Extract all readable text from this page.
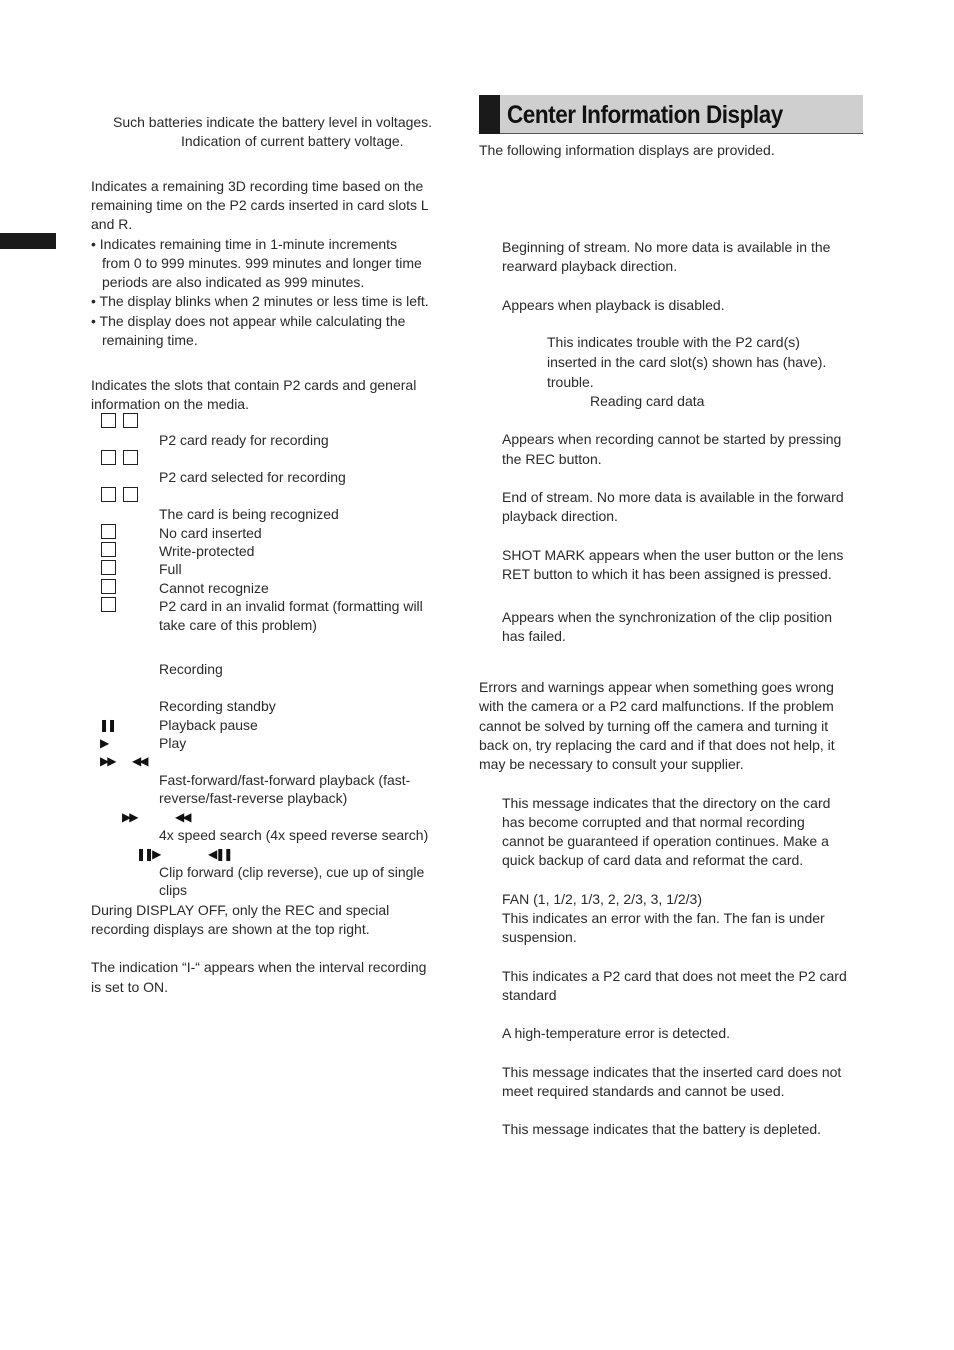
Such batteries indicate the battery level in voltages.
Indication of current battery voltage.
Indicates a remaining 3D recording time based on the
remaining time on the P2 cards inserted in card slots L
and R.
• Indicates remaining time in 1-minute increments
from 0 to 999 minutes. 999 minutes and longer time
periods are also indicated as 999 minutes.
• The display blinks when 2 minutes or less time is left.
• The display does not appear while calculating the
remaining time.
Indicates the slots that contain P2 cards and general
information on the media.
P2 card ready for recording
P2 card selected for recording
The card is being recognized
No card inserted
Write-protected
Full
Cannot recognize
P2 card in an invalid format (formatting will
take care of this problem)
Recording
Recording standby
❚❚	Playback pause
▶	Play
▶▶ ◀◀
Fast-forward/fast-forward playback (fast-
reverse/fast-reverse playback)
▶▶	◀◀
4x speed search (4x speed reverse search)
❚❚▶	◀❚❚
Clip forward (clip reverse), cue up of single
clips
During DISPLAY OFF, only the REC and special
recording displays are shown at the top right.
The indication “I-“ appears when the interval recording
is set to ON.
Center Information Display
The following information displays are provided.
Beginning of stream. No more data is available in the
rearward playback direction.
Appears when playback is disabled.
This indicates trouble with the P2 card(s)
inserted in the card slot(s) shown has (have).
trouble.
Reading card data
Appears when recording cannot be started by pressing
the REC button.
End of stream. No more data is available in the forward
playback direction.
SHOT MARK appears when the user button or the lens
RET button to which it has been assigned is pressed.
Appears when the synchronization of the clip position
has failed.
Errors and warnings appear when something goes wrong
with the camera or a P2 card malfunctions. If the problem
cannot be solved by turning off the camera and turning it
back on, try replacing the card and if that does not help, it
may be necessary to consult your supplier.
This message indicates that the directory on the card
has become corrupted and that normal recording
cannot be guaranteed if operation continues. Make a
quick backup of card data and reformat the card.
FAN (1, 1/2, 1/3, 2, 2/3, 3, 1/2/3)
This indicates an error with the fan. The fan is under
suspension.
This indicates a P2 card that does not meet the P2 card
standard
A high-temperature error is detected.
This message indicates that the inserted card does not
meet required standards and cannot be used.
This message indicates that the battery is depleted.
